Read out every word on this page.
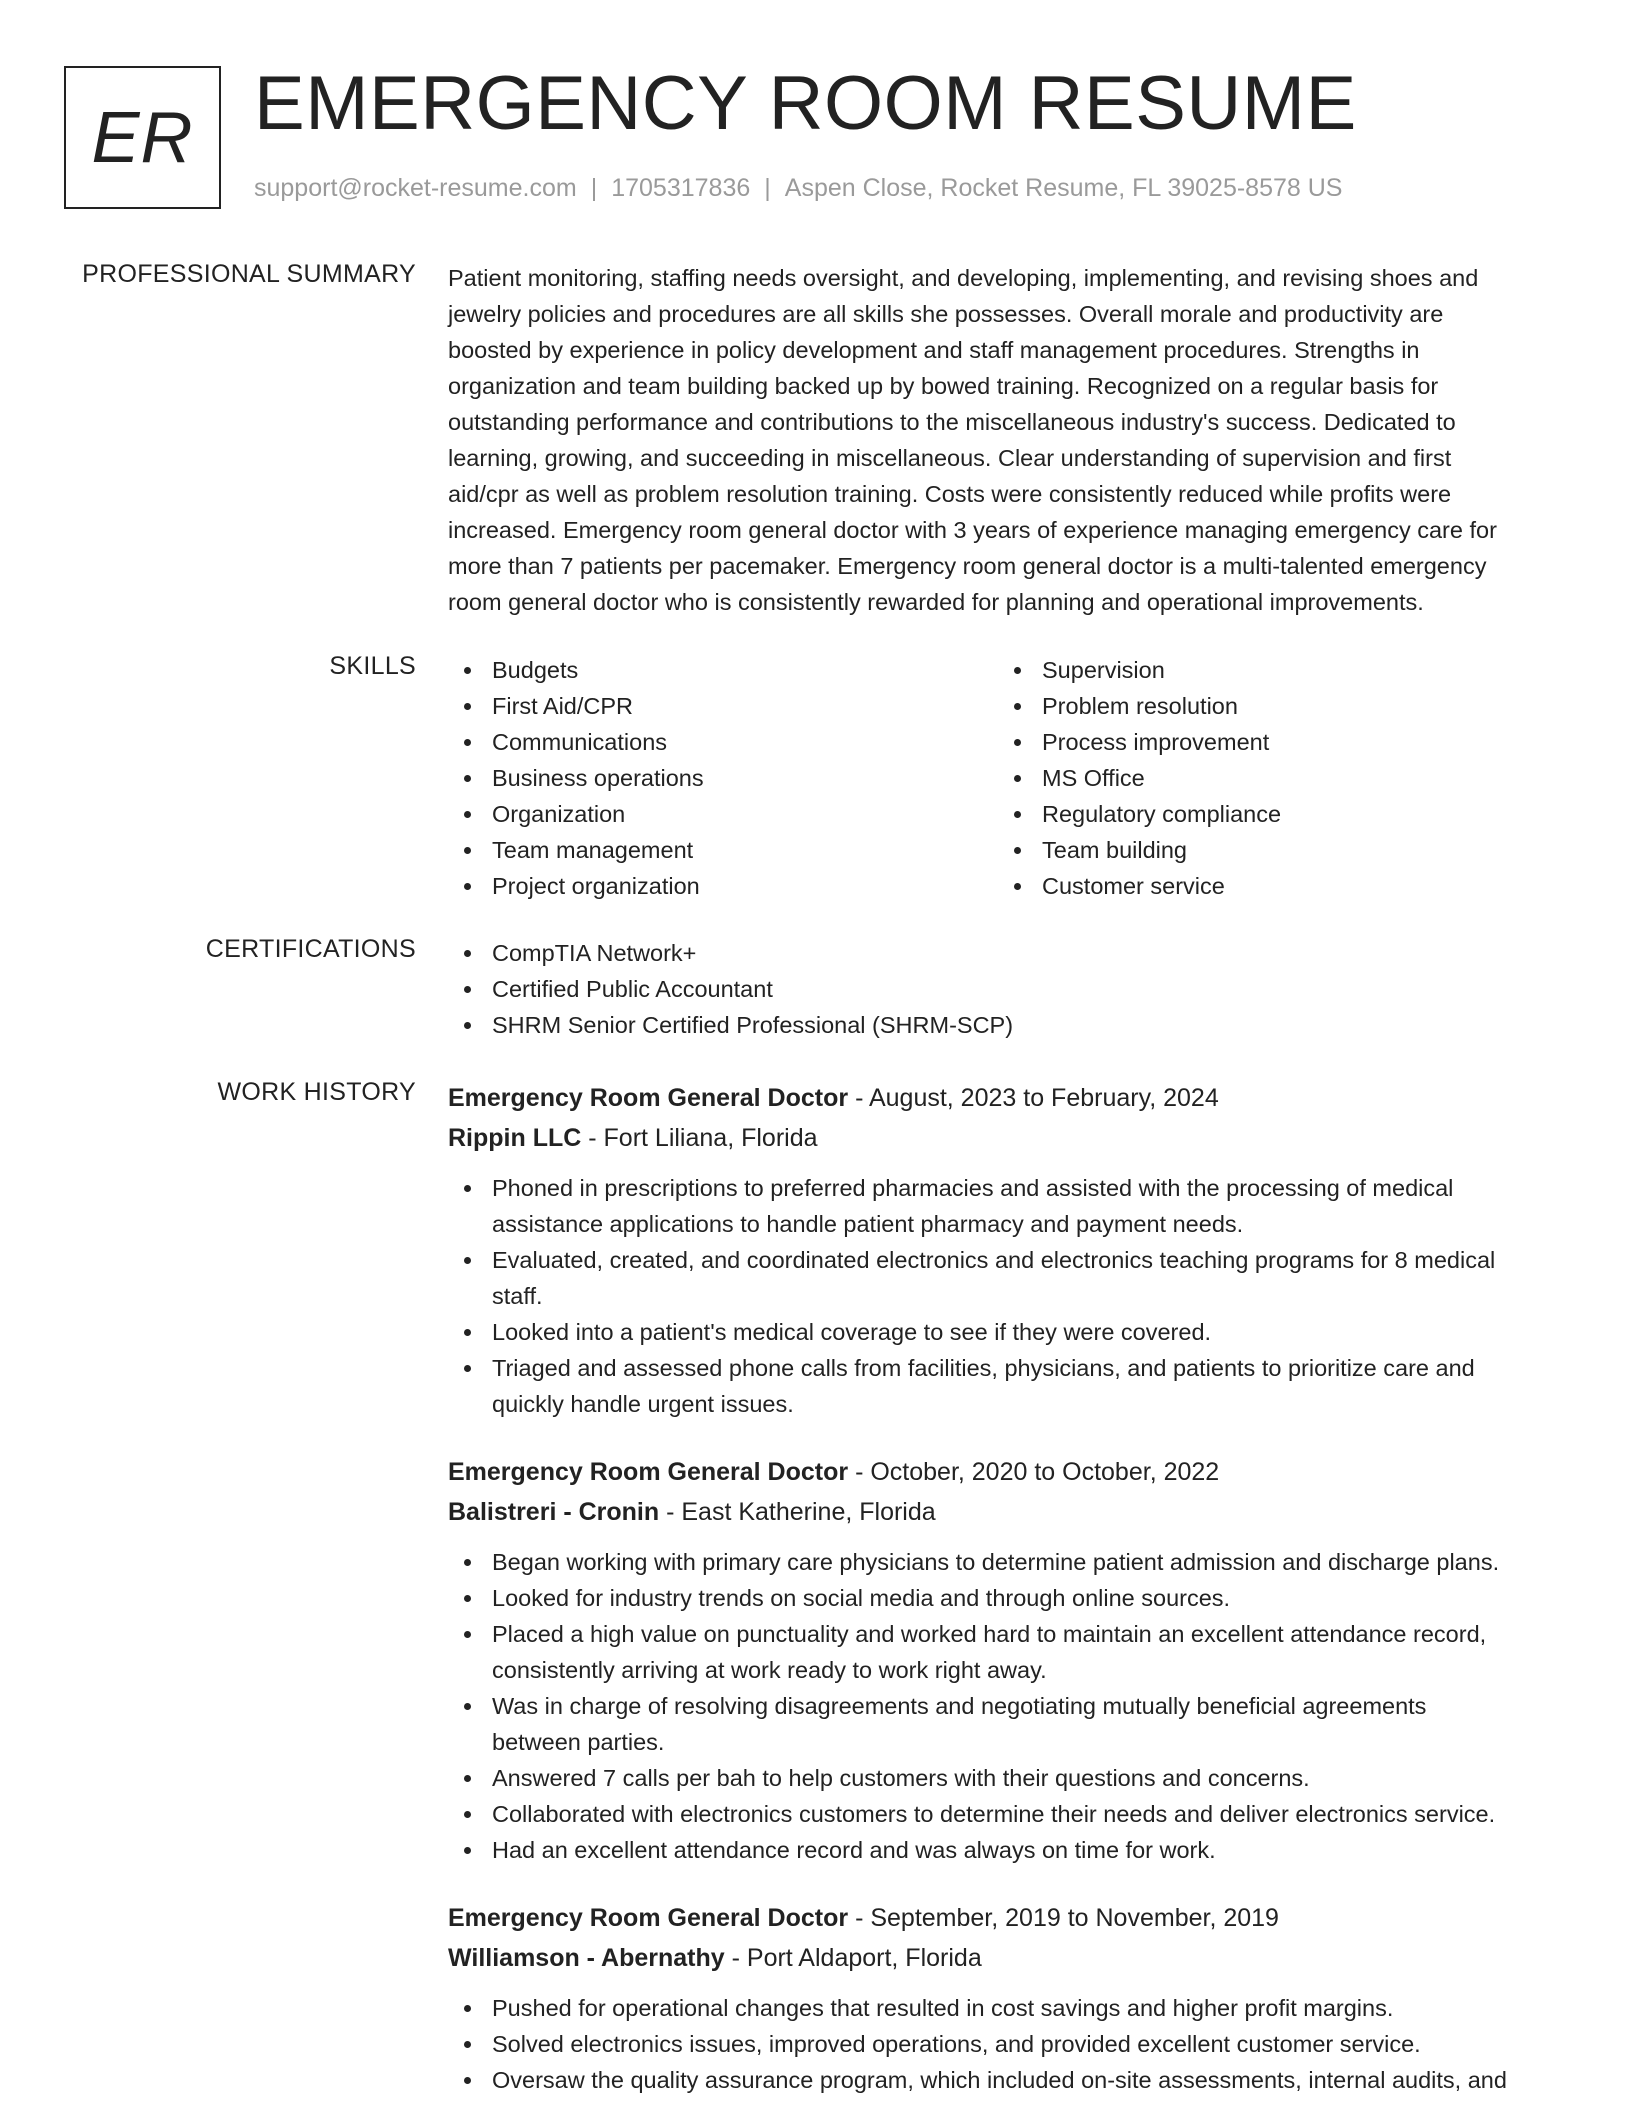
ER EMERGENCY ROOM RESUME
support@rocket-resume.com | 1705317836 | Aspen Close, Rocket Resume, FL 39025-8578 US
PROFESSIONAL SUMMARY Patient monitoring, staffing needs oversight, and developing, implementing, and revising shoes and
jewelry policies and procedures are all skills she possesses. Overall morale and productivity are
boosted by experience in policy development and staff management procedures. Strengths in
organization and team building backed up by bowed training. Recognized on a regular basis for
outstanding performance and contributions to the miscellaneous industry's success. Dedicated to
learning, growing, and succeeding in miscellaneous. Clear understanding of supervision and first
aid/cpr as well as problem resolution training. Costs were consistently reduced while profits were
increased. Emergency room general doctor with 3 years of experience managing emergency care for
more than 7 patients per pacemaker. Emergency room general doctor is a multi-talented emergency
room general doctor who is consistently rewarded for planning and operational improvements.
SKILLS	Budgets
First Aid/CPR
Communications
Business operations
Organization
Team management
Project organization
Supervision
Problem resolution
Process improvement
MS Office
Regulatory compliance
Team building
Customer service
CERTIFICATIONS	CompTIA Network+
Certified Public Accountant
SHRM Senior Certified Professional (SHRM-SCP)
WORK HISTORY Emergency Room General Doctor - August, 2023 to February, 2024
Rippin LLC - Fort Liliana, Florida
Phoned in prescriptions to preferred pharmacies and assisted with the processing of medical
assistance applications to handle patient pharmacy and payment needs.
Evaluated, created, and coordinated electronics and electronics teaching programs for 8 medical
staff.
Looked into a patient's medical coverage to see if they were covered.
Triaged and assessed phone calls from facilities, physicians, and patients to prioritize care and
quickly handle urgent issues.
Emergency Room General Doctor - October, 2020 to October, 2022
Balistreri - Cronin - East Katherine, Florida
Began working with primary care physicians to determine patient admission and discharge plans.
Looked for industry trends on social media and through online sources.
Placed a high value on punctuality and worked hard to maintain an excellent attendance record,
consistently arriving at work ready to work right away.
Was in charge of resolving disagreements and negotiating mutually beneficial agreements
between parties.
Answered 7 calls per bah to help customers with their questions and concerns.
Collaborated with electronics customers to determine their needs and deliver electronics service.
Had an excellent attendance record and was always on time for work.
Emergency Room General Doctor - September, 2019 to November, 2019
Williamson - Abernathy - Port Aldaport, Florida
Pushed for operational changes that resulted in cost savings and higher profit margins.
Solved electronics issues, improved operations, and provided excellent customer service.
Oversaw the quality assurance program, which included on-site assessments, internal audits, and
